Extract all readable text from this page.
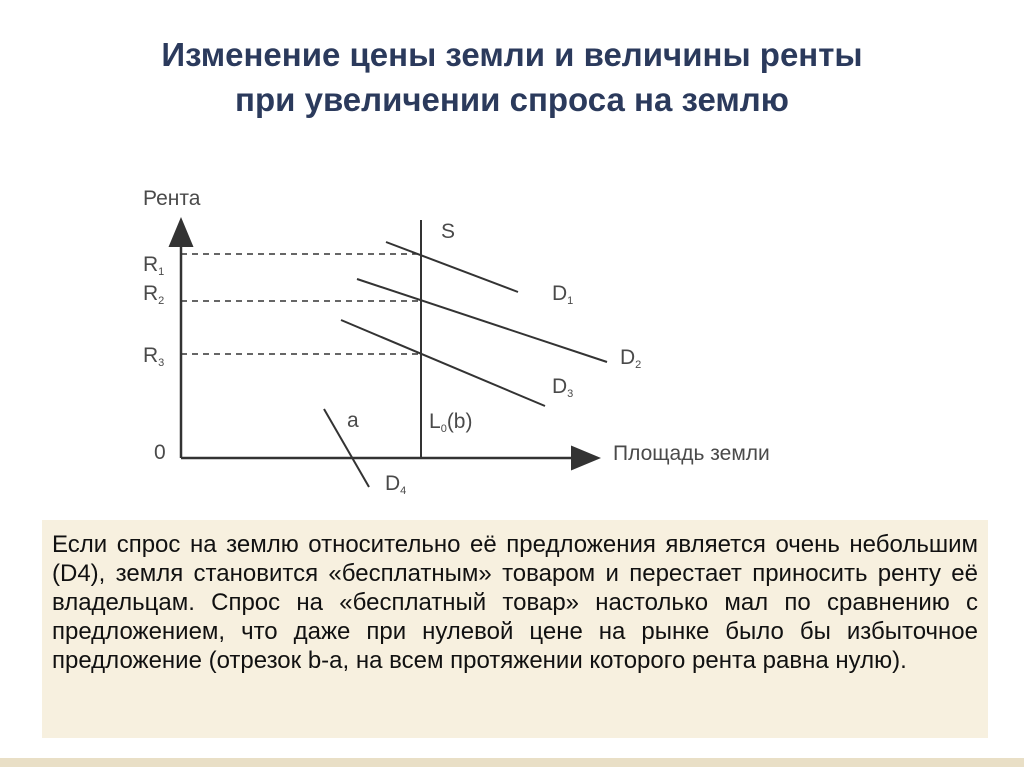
Изменение цены земли и величины ренты
при увеличении спроса на землю
Рента
Площадь земли
0
R1
R2
R3
S
D1
D2
D3
D4
a	L0(b)
Если спрос на землю относительно её предложения является очень небольшим (D4), земля становится «бесплатным» товаром и перестает приносить ренту её владельцам. Спрос на «бесплатный товар» настолько мал по сравнению с предложением, что даже при нулевой цене на рынке было бы избыточное предложение (отрезок b-a, на всем протяжении которого рента равна нулю).
